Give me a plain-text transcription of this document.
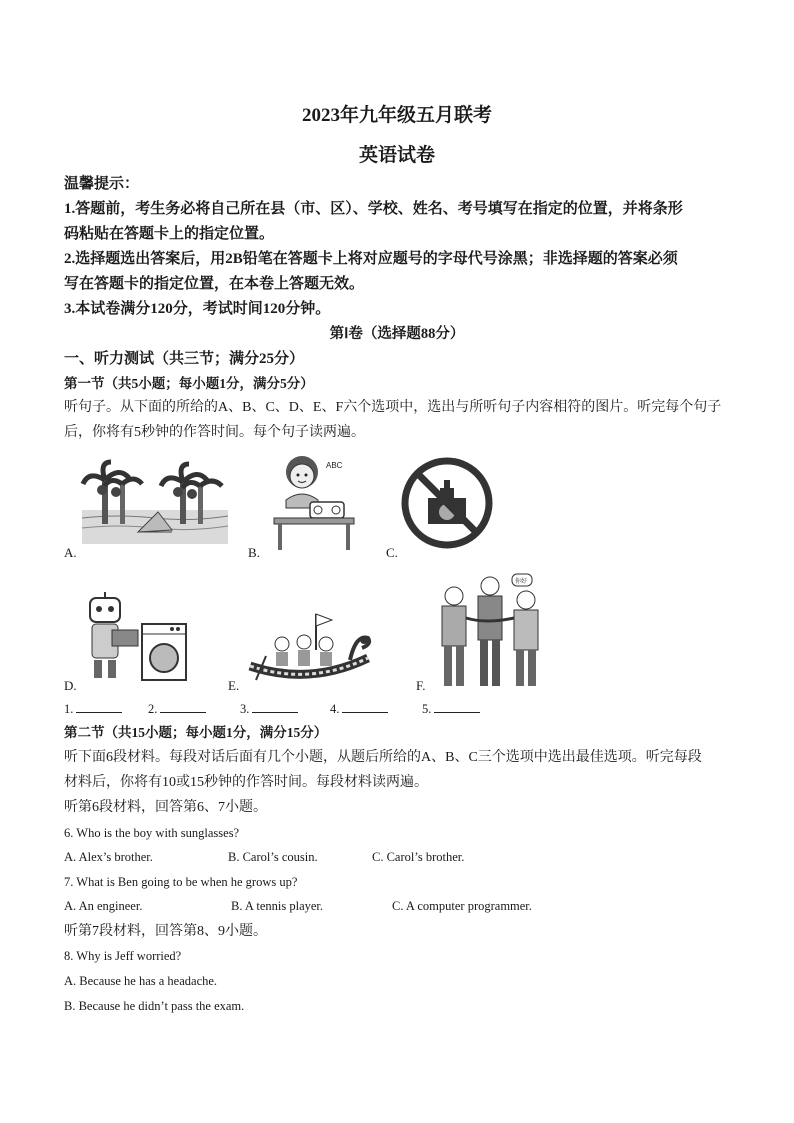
2023年九年级五月联考
英语试卷
温馨提示：
1.答题前，考生务必将自己所在县（市、区）、学校、姓名、考号填写在指定的位置，并将条形
码粘贴在答题卡上的指定位置。
2.选择题选出答案后，用2B铅笔在答题卡上将对应题号的字母代号涂黑；非选择题的答案必须
写在答题卡的指定位置，在本卷上答题无效。
3.本试卷满分120分，考试时间120分钟。
第Ⅰ卷（选择题88分）
一、听力测试（共三节；满分25分）
第一节（共5小题；每小题1分，满分5分）
听句子。从下面的所给的A、B、C、D、E、F六个选项中，选出与所听句子内容相符的图片。听完每个句子
后，你将有5秒钟的作答时间。每个句子读两遍。
A.
ABC
B.	C.
D.	E.
你好
F.
1.	2.	3.	4.	5.
第二节（共15小题；每小题1分，满分15分）
听下面6段材料。每段对话后面有几个小题，从题后所给的A、B、C三个选项中选出最佳选项。听完每段
材料后，你将有10或15秒钟的作答时间。每段材料读两遍。
听第6段材料，回答第6、7小题。
6. Who is the boy with sunglasses?
A. Alex’s brother.	B. Carol’s cousin.	C. Carol’s brother.
7. What is Ben going to be when he grows up?
A. An engineer.	B. A tennis player.	C. A computer programmer.
听第7段材料，回答第8、9小题。
8. Why is Jeff worried?
A. Because he has a headache.
B. Because he didn’t pass the exam.
